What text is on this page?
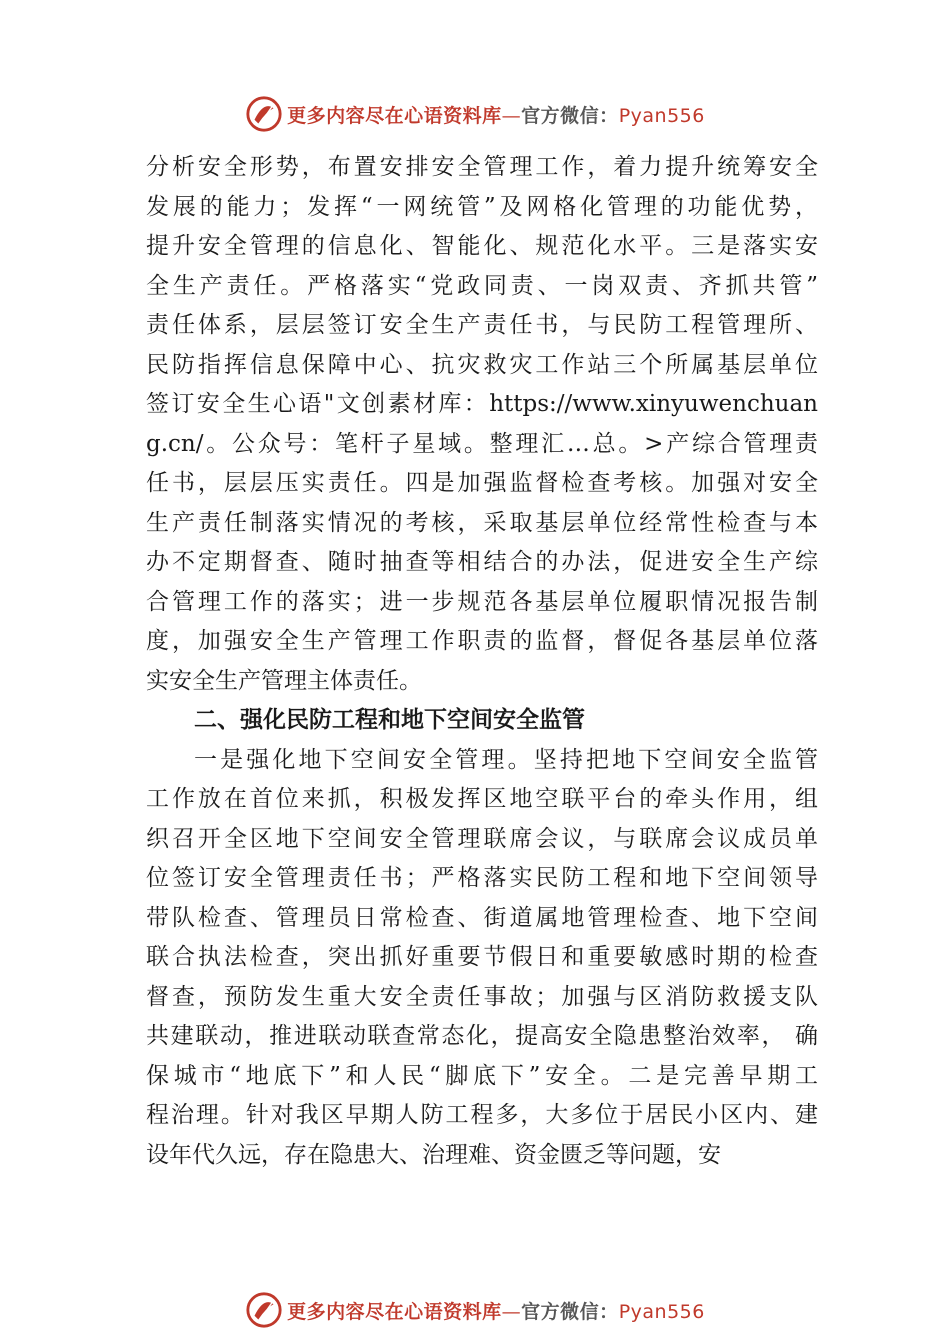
更多内容尽在心语资料库—官方微信：Pyan556
分析安全形势，布置安排安全管理工作，着力提升统筹安全
发展的能力；发挥“一网统管”及网格化管理的功能优势，
提升安全管理的信息化、智能化、规范化水平。三是落实安
全生产责任。严格落实“党政同责、一岗双责、齐抓共管”
责任体系，层层签订安全生产责任书，与民防工程管理所、
民防指挥信息保障中心、抗灾救灾工作站三个所属基层单位
签订安全生心语"文创素材库：https://www.xinyuwenchuan
g.cn/。公众号：笔杆子星域。整理汇…总。>产综合管理责
任书，层层压实责任。四是加强监督检查考核。加强对安全
生产责任制落实情况的考核，采取基层单位经常性检查与本
办不定期督查、随时抽查等相结合的办法，促进安全生产综
合管理工作的落实；进一步规范各基层单位履职情况报告制
度，加强安全生产管理工作职责的监督，督促各基层单位落
实安全生产管理主体责任。
二、强化民防工程和地下空间安全监管
一是强化地下空间安全管理。坚持把地下空间安全监管
工作放在首位来抓，积极发挥区地空联平台的牵头作用，组
织召开全区地下空间安全管理联席会议，与联席会议成员单
位签订安全管理责任书；严格落实民防工程和地下空间领导
带队检查、管理员日常检查、街道属地管理检查、地下空间
联合执法检查，突出抓好重要节假日和重要敏感时期的检查
督查，预防发生重大安全责任事故；加强与区消防救援支队
共建联动，推进联动联查常态化，提高安全隐患整治效率， 确
保城市“地底下”和人民“脚底下”安全。二是完善早期工
程治理。针对我区早期人防工程多，大多位于居民小区内、建
设年代久远，存在隐患大、治理难、资金匮乏等问题，安
更多内容尽在心语资料库—官方微信：Pyan556
